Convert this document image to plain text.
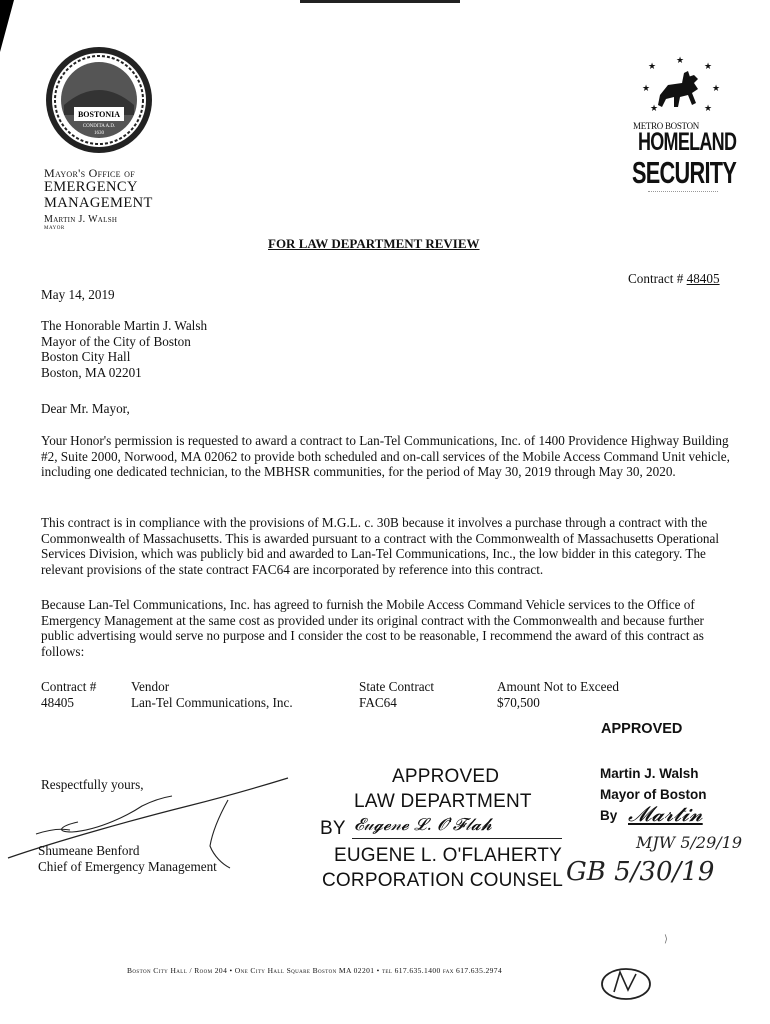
BOSTONIA
CONDITA A.D.
1630
Mayor's Office of
EMERGENCY
MANAGEMENT
Martin J. Walsh
MAYOR
★
★
★
★	★
★	★
METRO BOSTON
HOMELAND
SECURITY
FOR LAW DEPARTMENT REVIEW
Contract # 48405
May 14, 2019
The Honorable Martin J. Walsh
Mayor of the City of Boston
Boston City Hall
Boston, MA 02201
Dear Mr. Mayor,
Your Honor's permission is requested to award a contract to Lan-Tel Communications, Inc. of 1400 Providence Highway Building #2, Suite 2000, Norwood, MA 02062 to provide both scheduled and on-call services of the Mobile Access Command Unit vehicle, including one dedicated technician, to the MBHSR communities, for the period of May 30, 2019 through May 30, 2020.
This contract is in compliance with the provisions of M.G.L. c. 30B because it involves a purchase through a contract with the Commonwealth of Massachusetts. This is awarded pursuant to a contract with the Commonwealth of Massachusetts Operational Services Division, which was publicly bid and awarded to Lan-Tel Communications, Inc., the low bidder in this category. The relevant provisions of the state contract FAC64 are incorporated by reference into this contract.
Because Lan-Tel Communications, Inc. has agreed to furnish the Mobile Access Command Vehicle services to the Office of Emergency Management at the same cost as provided under its original contract with the Commonwealth and because further public advertising would serve no purpose and I consider the cost to be reasonable, I recommend the award of this contract as follows:
Contract #	Vendor	State Contract	Amount Not to Exceed
48405	Lan-Tel Communications, Inc.	FAC64	$70,500
APPROVED
Martin J. Walsh
Mayor of Boston
By
Respectfully yours,
Shumeane Benford
Chief of Emergency Management
APPROVED
LAW DEPARTMENT
BY 𝓔𝓊𝓰𝓮𝓃𝓮 𝓛. 𝓞'𝓕𝓁𝓪𝓱
EUGENE L. O'FLAHERTY
CORPORATION COUNSEL GB 5/30/19
𝓜𝓪𝓻𝓽𝓲𝓷
MJW 5/29/19
⟩
Boston City Hall / Room 204 • One City Hall Square Boston MA 02201 • tel 617.635.1400 fax 617.635.2974
